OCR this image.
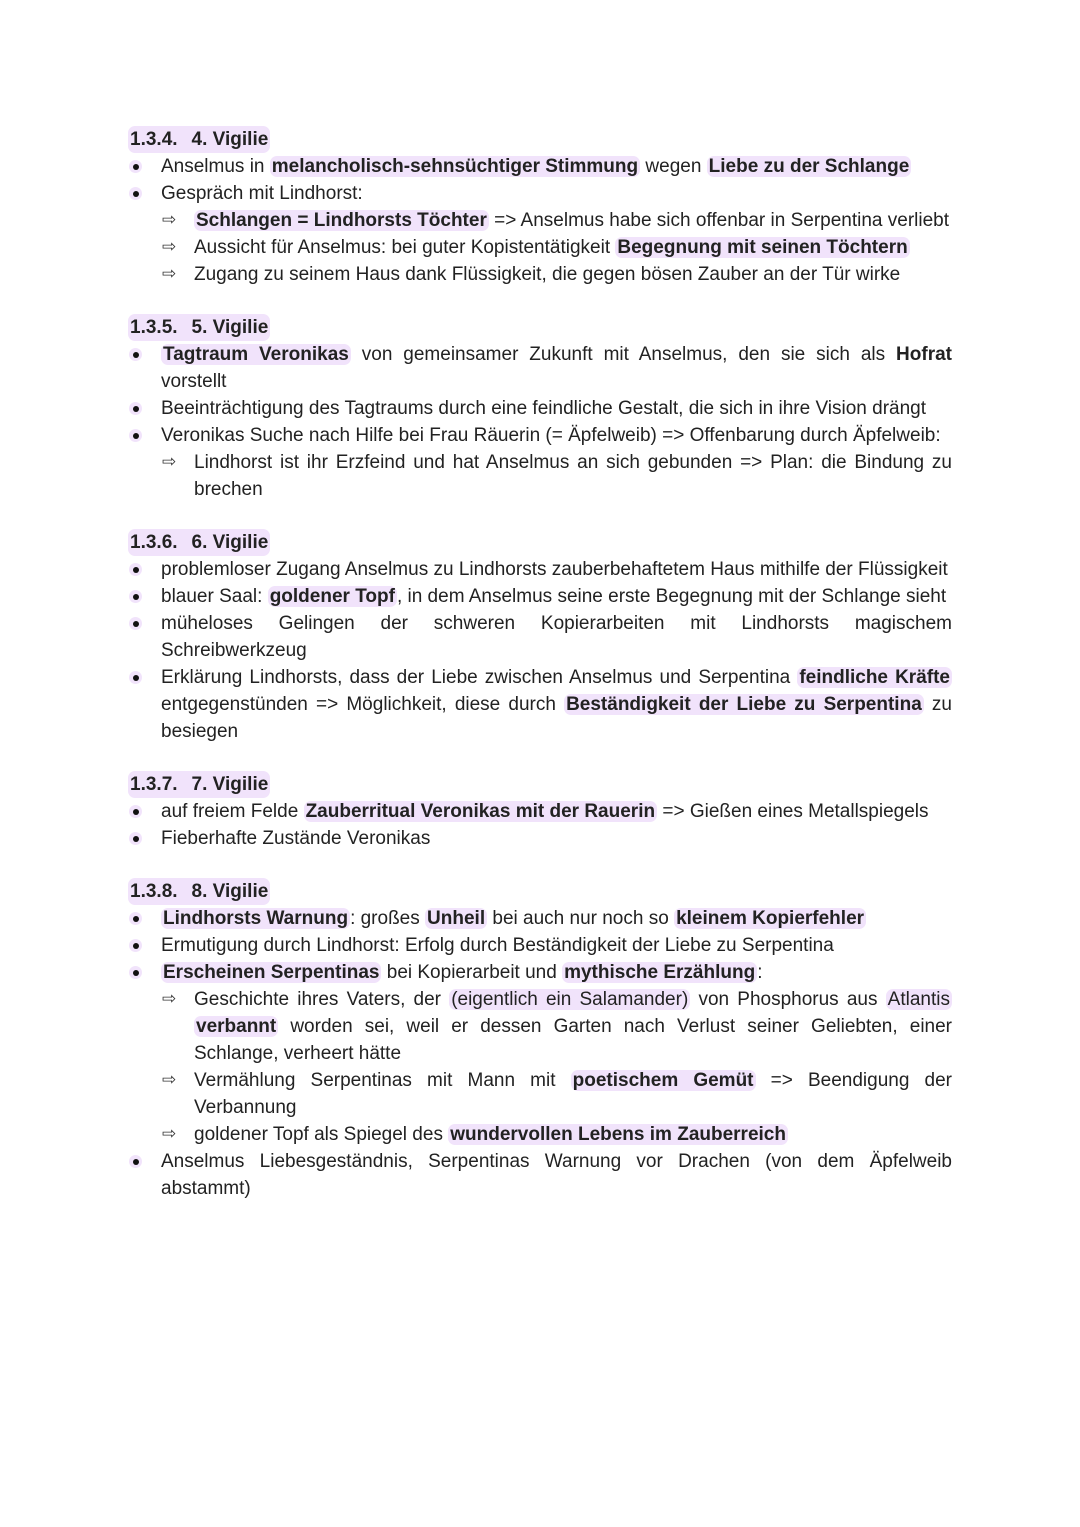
1.3.4. 4. Vigilie
Anselmus in melancholisch-sehnsüchtiger Stimmung wegen Liebe zu der Schlange
Gespräch mit Lindhorst:
⇨ Schlangen = Lindhorsts Töchter => Anselmus habe sich offenbar in Serpentina verliebt
⇨ Aussicht für Anselmus: bei guter Kopistentätigkeit Begegnung mit seinen Töchtern
⇨ Zugang zu seinem Haus dank Flüssigkeit, die gegen bösen Zauber an der Tür wirke
1.3.5. 5. Vigilie
Tagtraum Veronikas von gemeinsamer Zukunft mit Anselmus, den sie sich als Hofrat vorstellt
Beeinträchtigung des Tagtraums durch eine feindliche Gestalt, die sich in ihre Vision drängt
Veronikas Suche nach Hilfe bei Frau Räuerin (= Äpfelweib) => Offenbarung durch Äpfelweib:
⇨ Lindhorst ist ihr Erzfeind und hat Anselmus an sich gebunden => Plan: die Bindung zu brechen
1.3.6. 6. Vigilie
problemloser Zugang Anselmus zu Lindhorsts zauberbehaftetem Haus mithilfe der Flüssigkeit
blauer Saal: goldener Topf , in dem Anselmus seine erste Begegnung mit der Schlange sieht
müheloses Gelingen der schweren Kopierarbeiten mit Lindhorsts magischem Schreibwerkzeug
Erklärung Lindhorsts, dass der Liebe zwischen Anselmus und Serpentina feindliche Kräfte entgegenstünden => Möglichkeit, diese durch Beständigkeit der Liebe zu Serpentina zu besiegen
1.3.7. 7. Vigilie
auf freiem Felde Zauberritual Veronikas mit der Rauerin => Gießen eines Metallspiegels
Fieberhafte Zustände Veronikas
1.3.8. 8. Vigilie
Lindhorsts Warnung : großes Unheil bei auch nur noch so kleinem Kopierfehler
Ermutigung durch Lindhorst: Erfolg durch Beständigkeit der Liebe zu Serpentina
Erscheinen Serpentinas bei Kopierarbeit und mythische Erzählung :
⇨ Geschichte ihres Vaters, der (eigentlich ein Salamander) von Phosphorus aus Atlantis verbannt worden sei, weil er dessen Garten nach Verlust seiner Geliebten, einer Schlange, verheert hätte
⇨ Vermählung Serpentinas mit Mann mit poetischem Gemüt => Beendigung der Verbannung
⇨ goldener Topf als Spiegel des wundervollen Lebens im Zauberreich
Anselmus Liebesgeständnis, Serpentinas Warnung vor Drachen (von dem Äpfelweib abstammt)
